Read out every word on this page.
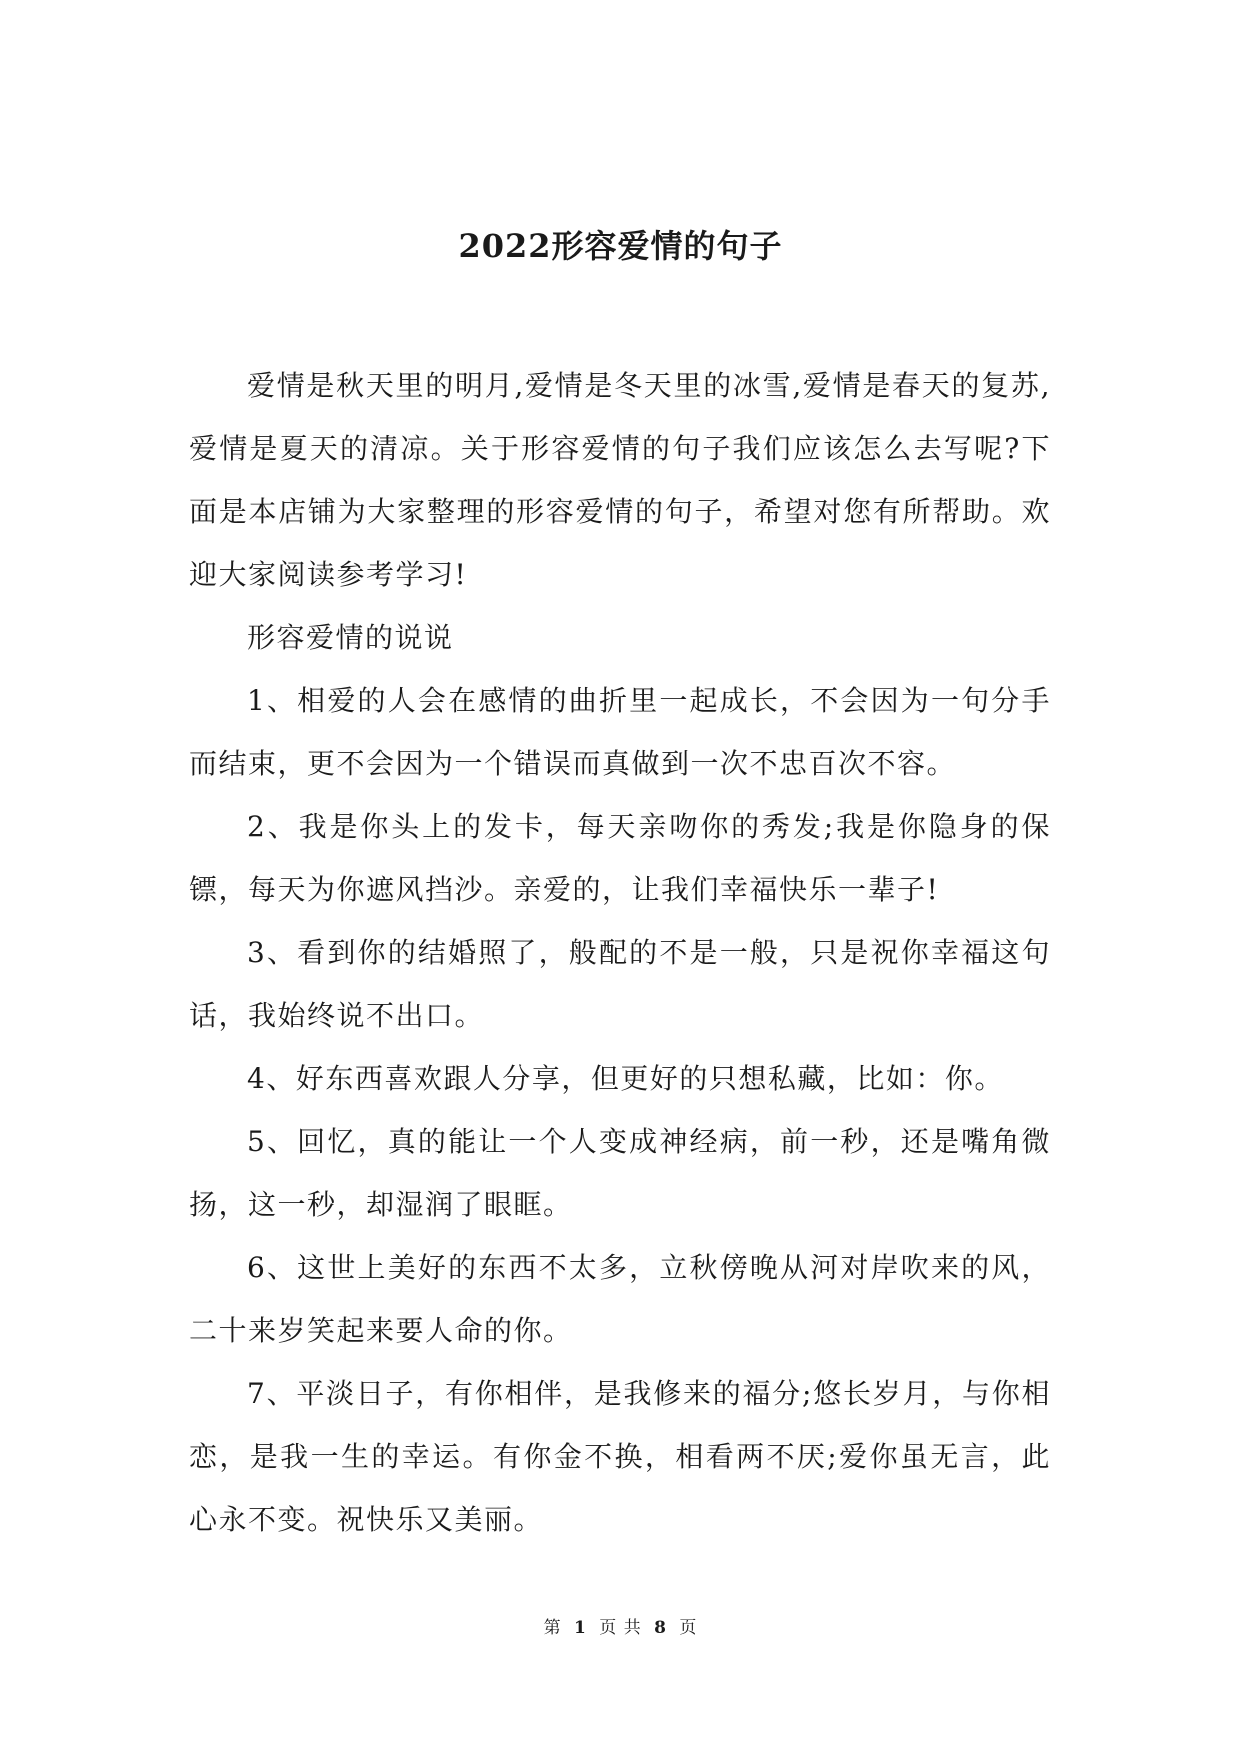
2022形容爱情的句子

爱情是秋天里的明月,爱情是冬天里的冰雪,爱情是春天的复苏,爱情是夏天的清凉。关于形容爱情的句子我们应该怎么去写呢?下面是本店铺为大家整理的形容爱情的句子，希望对您有所帮助。欢迎大家阅读参考学习!

形容爱情的说说

1、相爱的人会在感情的曲折里一起成长，不会因为一句分手而结束，更不会因为一个错误而真做到一次不忠百次不容。

2、我是你头上的发卡，每天亲吻你的秀发;我是你隐身的保镖，每天为你遮风挡沙。亲爱的，让我们幸福快乐一辈子!

3、看到你的结婚照了，般配的不是一般，只是祝你幸福这句话，我始终说不出口。

4、好东西喜欢跟人分享，但更好的只想私藏，比如：你。

5、回忆，真的能让一个人变成神经病，前一秒，还是嘴角微扬，这一秒，却湿润了眼眶。

6、这世上美好的东西不太多，立秋傍晚从河对岸吹来的风，二十来岁笑起来要人命的你。

7、平淡日子，有你相伴，是我修来的福分;悠长岁月，与你相恋，是我一生的幸运。有你金不换，相看两不厌;爱你虽无言，此心永不变。祝快乐又美丽。

第 1 页 共 8 页
